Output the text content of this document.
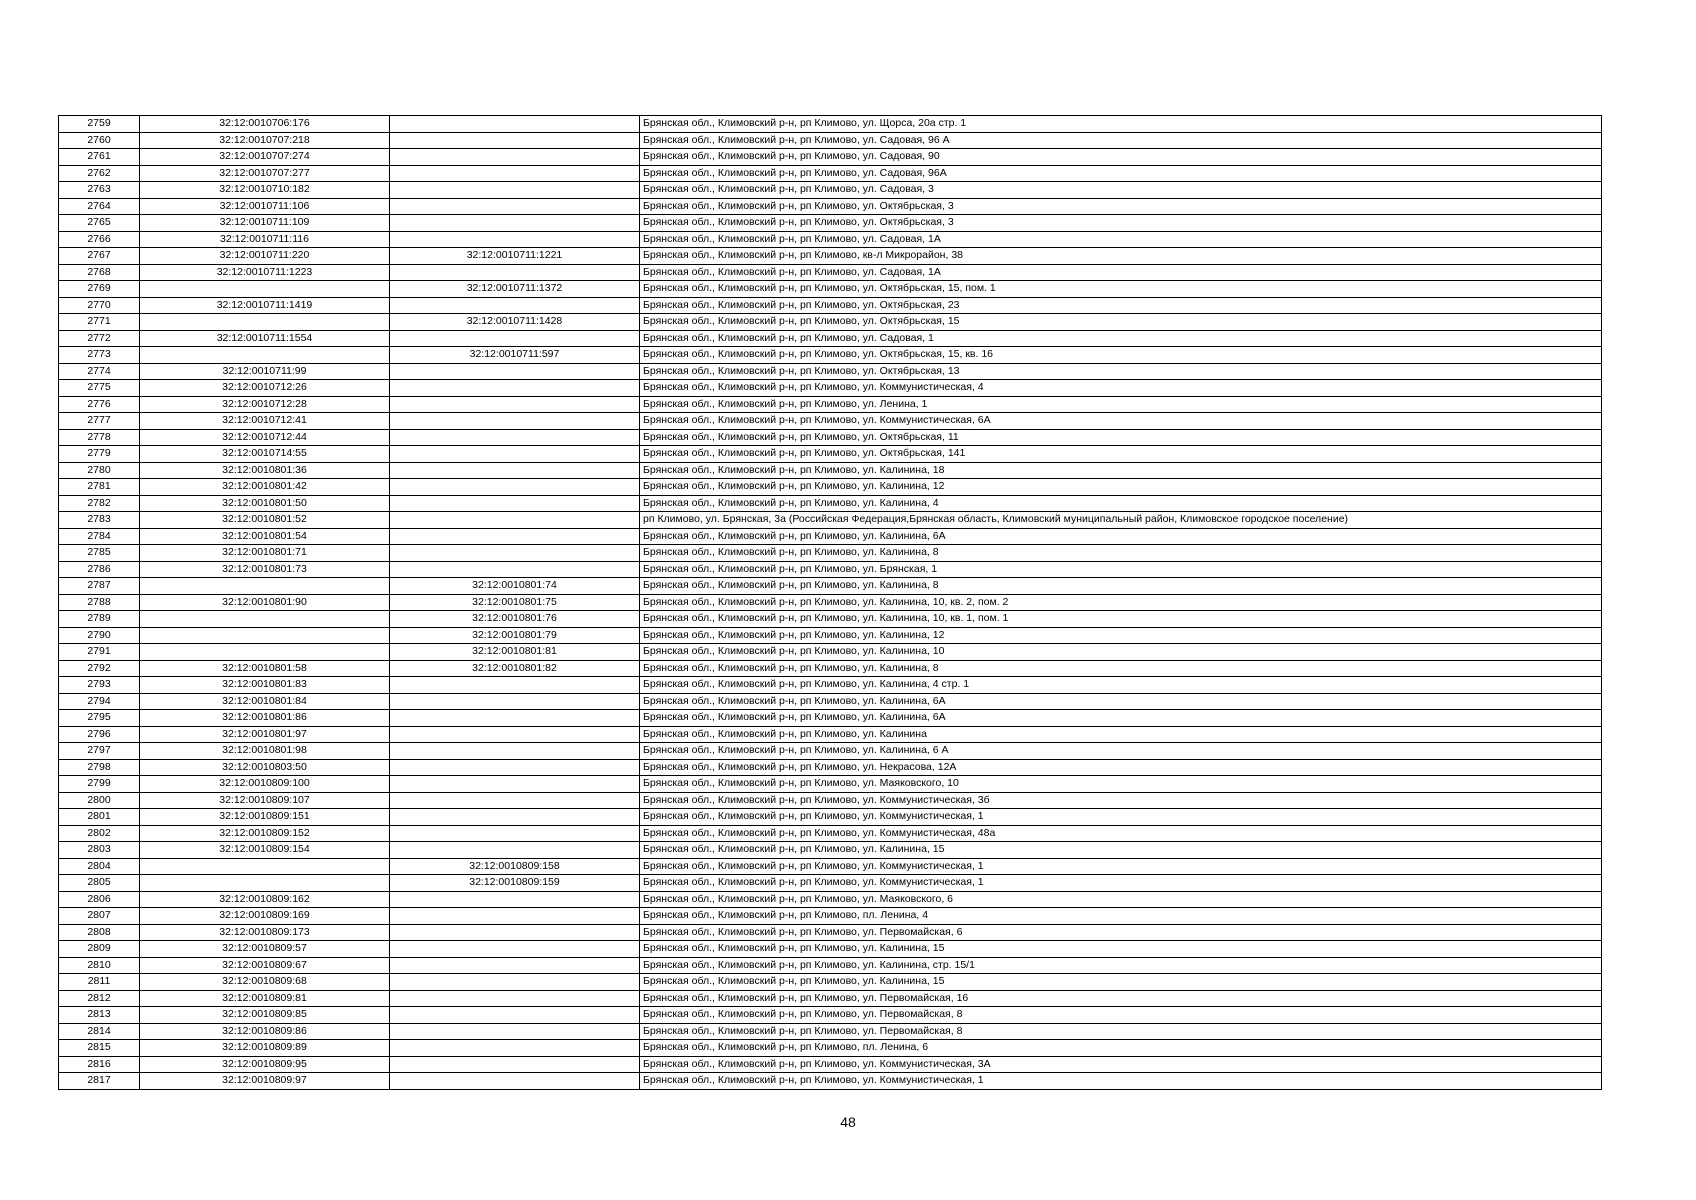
2759	32:12:0010706:176		Брянская обл., Климовский р-н, рп Климово, ул. Щорса, 20а стр. 1
2760	32:12:0010707:218		Брянская обл., Климовский р-н, рп Климово, ул. Садовая, 96 А
2761	32:12:0010707:274		Брянская обл., Климовский р-н, рп Климово, ул. Садовая, 90
2762	32:12:0010707:277		Брянская обл., Климовский р-н, рп Климово, ул. Садовая, 96А
2763	32:12:0010710:182		Брянская обл., Климовский р-н, рп Климово, ул. Садовая, 3
2764	32:12:0010711:106		Брянская обл., Климовский р-н, рп Климово, ул. Октябрьская, 3
2765	32:12:0010711:109		Брянская обл., Климовский р-н, рп Климово, ул. Октябрьская, 3
2766	32:12:0010711:116		Брянская обл., Климовский р-н, рп Климово, ул. Садовая, 1А
2767	32:12:0010711:220	32:12:0010711:1221	Брянская обл., Климовский р-н, рп Климово, кв-л Микрорайон, 38
2768	32:12:0010711:1223		Брянская обл., Климовский р-н, рп Климово, ул. Садовая, 1А
2769		32:12:0010711:1372	Брянская обл., Климовский р-н, рп Климово, ул. Октябрьская, 15, пом. 1
2770	32:12:0010711:1419		Брянская обл., Климовский р-н, рп Климово, ул. Октябрьская, 23
2771		32:12:0010711:1428	Брянская обл., Климовский р-н, рп Климово, ул. Октябрьская, 15
2772	32:12:0010711:1554		Брянская обл., Климовский р-н, рп Климово, ул. Садовая, 1
2773		32:12:0010711:597	Брянская обл., Климовский р-н, рп Климово, ул. Октябрьская, 15, кв. 16
2774	32:12:0010711:99		Брянская обл., Климовский р-н, рп Климово, ул. Октябрьская, 13
2775	32:12:0010712:26		Брянская обл., Климовский р-н, рп Климово, ул. Коммунистическая, 4
2776	32:12:0010712:28		Брянская обл., Климовский р-н, рп Климово, ул. Ленина, 1
2777	32:12:0010712:41		Брянская обл., Климовский р-н, рп Климово, ул. Коммунистическая, 6А
2778	32:12:0010712:44		Брянская обл., Климовский р-н, рп Климово, ул. Октябрьская, 11
2779	32:12:0010714:55		Брянская обл., Климовский р-н, рп Климово, ул. Октябрьская, 141
2780	32:12:0010801:36		Брянская обл., Климовский р-н, рп Климово, ул. Калинина, 18
2781	32:12:0010801:42		Брянская обл., Климовский р-н, рп Климово, ул. Калинина, 12
2782	32:12:0010801:50		Брянская обл., Климовский р-н, рп Климово, ул. Калинина, 4
2783	32:12:0010801:52		рп Климово, ул. Брянская, 3а (Российская Федерация,Брянская область, Климовский муниципальный район, Климовское городское поселение)
2784	32:12:0010801:54		Брянская обл., Климовский р-н, рп Климово, ул. Калинина, 6А
2785	32:12:0010801:71		Брянская обл., Климовский р-н, рп Климово, ул. Калинина, 8
2786	32:12:0010801:73		Брянская обл., Климовский р-н, рп Климово, ул. Брянская, 1
2787		32:12:0010801:74	Брянская обл., Климовский р-н, рп Климово, ул. Калинина, 8
2788	32:12:0010801:90	32:12:0010801:75	Брянская обл., Климовский р-н, рп Климово, ул. Калинина, 10, кв. 2, пом. 2
2789		32:12:0010801:76	Брянская обл., Климовский р-н, рп Климово, ул. Калинина, 10, кв. 1, пом. 1
2790		32:12:0010801:79	Брянская обл., Климовский р-н, рп Климово, ул. Калинина, 12
2791		32:12:0010801:81	Брянская обл., Климовский р-н, рп Климово, ул. Калинина, 10
2792	32:12:0010801:58	32:12:0010801:82	Брянская обл., Климовский р-н, рп Климово, ул. Калинина, 8
2793	32:12:0010801:83		Брянская обл., Климовский р-н, рп Климово, ул. Калинина, 4 стр. 1
2794	32:12:0010801:84		Брянская обл., Климовский р-н, рп Климово, ул. Калинина, 6А
2795	32:12:0010801:86		Брянская обл., Климовский р-н, рп Климово, ул. Калинина, 6А
2796	32:12:0010801:97		Брянская обл., Климовский р-н, рп Климово, ул. Калинина
2797	32:12:0010801:98		Брянская обл., Климовский р-н, рп Климово, ул. Калинина, 6 А
2798	32:12:0010803:50		Брянская обл., Климовский р-н, рп Климово, ул. Некрасова, 12А
2799	32:12:0010809:100		Брянская обл., Климовский р-н, рп Климово, ул. Маяковского, 10
2800	32:12:0010809:107		Брянская обл., Климовский р-н, рп Климово, ул. Коммунистическая, 3б
2801	32:12:0010809:151		Брянская обл., Климовский р-н, рп Климово, ул. Коммунистическая, 1
2802	32:12:0010809:152		Брянская обл., Климовский р-н, рп Климово, ул. Коммунистическая, 48а
2803	32:12:0010809:154		Брянская обл., Климовский р-н, рп Климово, ул. Калинина, 15
2804		32:12:0010809:158	Брянская обл., Климовский р-н, рп Климово, ул. Коммунистическая, 1
2805		32:12:0010809:159	Брянская обл., Климовский р-н, рп Климово, ул. Коммунистическая, 1
2806	32:12:0010809:162		Брянская обл., Климовский р-н, рп Климово, ул. Маяковского, 6
2807	32:12:0010809:169		Брянская обл., Климовский р-н, рп Климово, пл. Ленина, 4
2808	32:12:0010809:173		Брянская обл., Климовский р-н, рп Климово, ул. Первомайская, 6
2809	32:12:0010809:57		Брянская обл., Климовский р-н, рп Климово, ул. Калинина, 15
2810	32:12:0010809:67		Брянская обл., Климовский р-н, рп Климово, ул. Калинина, стр. 15/1
2811	32:12:0010809:68		Брянская обл., Климовский р-н, рп Климово, ул. Калинина, 15
2812	32:12:0010809:81		Брянская обл., Климовский р-н, рп Климово, ул. Первомайская, 16
2813	32:12:0010809:85		Брянская обл., Климовский р-н, рп Климово, ул. Первомайская, 8
2814	32:12:0010809:86		Брянская обл., Климовский р-н, рп Климово, ул. Первомайская, 8
2815	32:12:0010809:89		Брянская обл., Климовский р-н, рп Климово, пл. Ленина, 6
2816	32:12:0010809:95		Брянская обл., Климовский р-н, рп Климово, ул. Коммунистическая, 3А
2817	32:12:0010809:97		Брянская обл., Климовский р-н, рп Климово, ул. Коммунистическая, 1
48
